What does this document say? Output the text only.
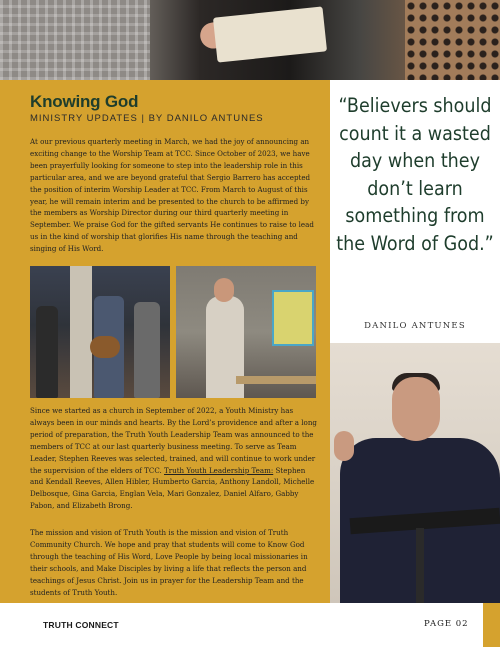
Knowing God

MINISTRY UPDATES | BY DANILO ANTUNES

At our previous quarterly meeting in March, we had the joy of announcing an exciting change to the Worship Team at TCC. Since October of 2023, we have been prayerfully looking for someone to step into the leadership role in this particular area, and we are beyond grateful that Sergio Barrero has accepted the position of interim Worship Leader at TCC. From March to August of this year, he will remain interim and be presented to the church to be affirmed by the members as Worship Director during our third quarterly meeting in September. We praise God for the gifted servants He continues to raise to lead us in the kind of worship that glorifies His name through the teaching and singing of His Word.

Since we started as a church in September of 2022, a Youth Ministry has always been in our minds and hearts. By the Lord’s providence and after a long period of preparation, the Truth Youth Leadership Team was announced to the members of TCC at our last quarterly business meeting. To serve as Team Leader, Stephen Reeves was selected, trained, and will continue to work under the supervision of the elders of TCC. Truth Youth Leadership Team: Stephen and Kendall Reeves, Allen Hibler, Humberto Garcia, Anthony Landoll, Michelle Delbosque, Gina Garcia, Englan Vela, Mari Gonzalez, Daniel Alfaro, Gabby Pabon, and Elizabeth Brong.

The mission and vision of Truth Youth is the mission and vision of Truth Community Church. We hope and pray that students will come to Know God through the teaching of His Word, Love People by being local missionaries in their schools, and Make Disciples by living a life that reflects the person and teachings of Jesus Christ. Join us in prayer for the Leadership Team and the students of Truth Youth.

“Believers should count it a wasted day when they don’t learn something from the Word of God.”

DANILO ANTUNES

TRUTH CONNECT	PAGE 02
